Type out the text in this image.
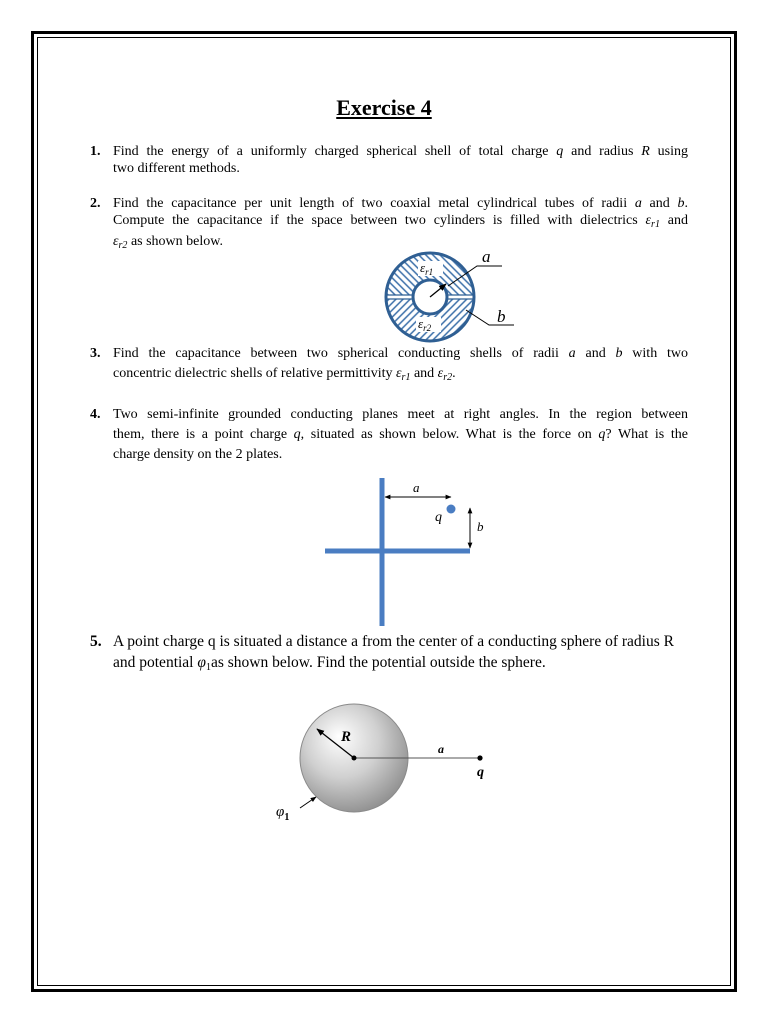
Exercise 4
1. Find the energy of a uniformly charged spherical shell of total charge q and radius R using
two different methods.
2. Find the capacitance per unit length of two coaxial metal cylindrical tubes of radii a and b.
Compute the capacitance if the space between two cylinders is filled with dielectrics $\varepsilon_{r1}$ and
$\varepsilon_{r2}$ as shown below.
$\varepsilon_{r1}$
$\varepsilon_{r2}$
a
b
3. Find the capacitance between two spherical conducting shells of radii a and b with two
concentric dielectric shells of relative permittivity $\varepsilon_{r1}$ and $\varepsilon_{r2}$.
4. Two semi-infinite grounded conducting planes meet at right angles. In the region between
them, there is a point charge q, situated as shown below. What is the force on q? What is the
charge density on the 2 plates.
a
b
q
5. A point charge q is situated a distance a from the center of a conducting sphere of radius R
and potential $\varphi_1as$ shown below. Find the potential outside the sphere.
R
a
q
$\varphi_1$
